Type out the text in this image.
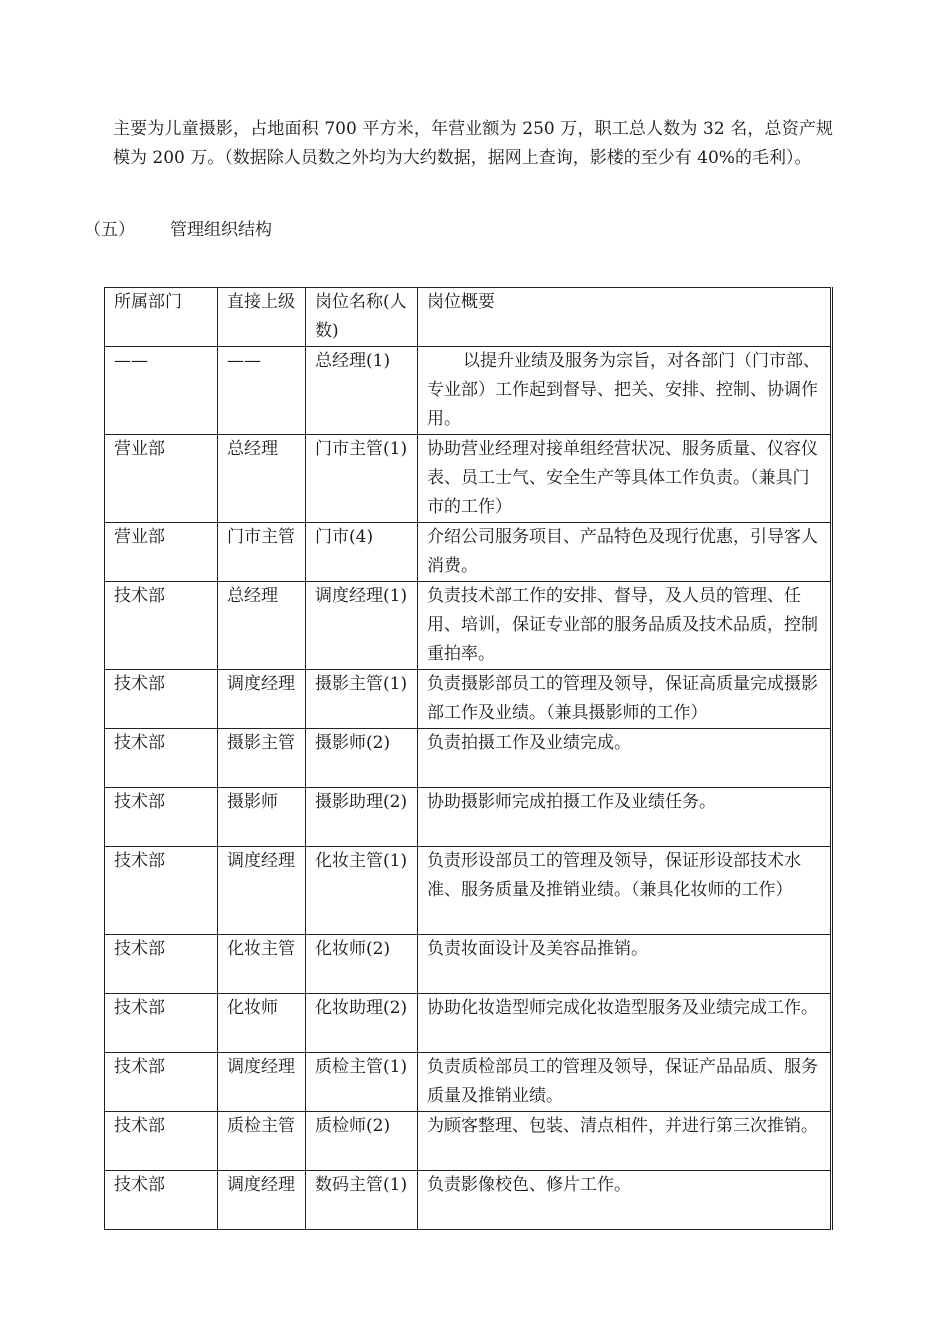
主要为儿童摄影，占地面积 700 平方米，年营业额为 250 万，职工总人数为 32 名，总资产规模为 200 万。（数据除人员数之外均为大约数据，据网上查询，影楼的至少有 40%的毛利）。
（五） 管理组织结构
所属部门	直接上级	岗位名称(人数)	岗位概要
——	——	总经理(1)	以提升业绩及服务为宗旨，对各部门（门市部、专业部）工作起到督导、把关、安排、控制、协调作用。
营业部	总经理	门市主管(1)	协助营业经理对接单组经营状况、服务质量、仪容仪表、员工士气、安全生产等具体工作负责。（兼具门市的工作）
营业部	门市主管	门市(4)	介绍公司服务项目、产品特色及现行优惠，引导客人消费。
技术部	总经理	调度经理(1)	负责技术部工作的安排、督导，及人员的管理、任用、培训，保证专业部的服务品质及技术品质，控制重拍率。
技术部	调度经理	摄影主管(1)	负责摄影部员工的管理及领导，保证高质量完成摄影部工作及业绩。（兼具摄影师的工作）
技术部	摄影主管	摄影师(2)	负责拍摄工作及业绩完成。
技术部	摄影师	摄影助理(2)	协助摄影师完成拍摄工作及业绩任务。
技术部	调度经理	化妆主管(1)	负责形设部员工的管理及领导，保证形设部技术水准、服务质量及推销业绩。（兼具化妆师的工作）
技术部	化妆主管	化妆师(2)	负责妆面设计及美容品推销。
技术部	化妆师	化妆助理(2)	协助化妆造型师完成化妆造型服务及业绩完成工作。
技术部	调度经理	质检主管(1)	负责质检部员工的管理及领导，保证产品品质、服务质量及推销业绩。
技术部	质检主管	质检师(2)	为顾客整理、包装、清点相件，并进行第三次推销。
技术部	调度经理	数码主管(1)	负责影像校色、修片工作。
